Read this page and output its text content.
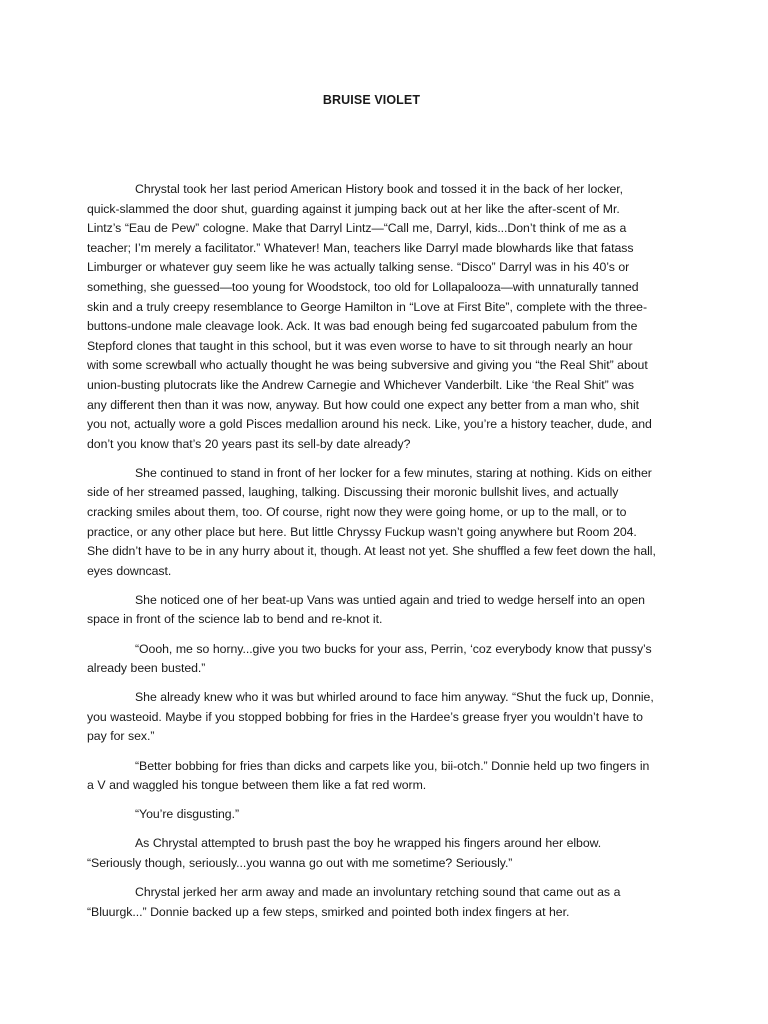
BRUISE VIOLET

Chrystal took her last period American History book and tossed it in the back of her locker, quick-slammed the door shut, guarding against it jumping back out at her like the after-scent of Mr. Lintz’s “Eau de Pew” cologne. Make that Darryl Lintz—“Call me, Darryl, kids...Don’t think of me as a teacher; I’m merely a facilitator.” Whatever! Man, teachers like Darryl made blowhards like that fatass Limburger or whatever guy seem like he was actually talking sense. “Disco” Darryl was in his 40’s or something, she guessed—too young for Woodstock, too old for Lollapalooza—with unnaturally tanned skin and a truly creepy resemblance to George Hamilton in “Love at First Bite”, complete with the three-buttons-undone male cleavage look. Ack. It was bad enough being fed sugarcoated pabulum from the Stepford clones that taught in this school, but it was even worse to have to sit through nearly an hour with some screwball who actually thought he was being subversive and giving you “the Real Shit” about union-busting plutocrats like the Andrew Carnegie and Whichever Vanderbilt. Like ‘the Real Shit” was any different then than it was now, anyway. But how could one expect any better from a man who, shit you not, actually wore a gold Pisces medallion around his neck. Like, you’re a history teacher, dude, and don’t you know that’s 20 years past its sell-by date already?

She continued to stand in front of her locker for a few minutes, staring at nothing. Kids on either side of her streamed passed, laughing, talking. Discussing their moronic bullshit lives, and actually cracking smiles about them, too. Of course, right now they were going home, or up to the mall, or to practice, or any other place but here. But little Chryssy Fuckup wasn’t going anywhere but Room 204. She didn’t have to be in any hurry about it, though. At least not yet. She shuffled a few feet down the hall, eyes downcast.

She noticed one of her beat-up Vans was untied again and tried to wedge herself into an open space in front of the science lab to bend and re-knot it.

“Oooh, me so horny...give you two bucks for your ass, Perrin, ‘coz everybody know that pussy’s already been busted.”

She already knew who it was but whirled around to face him anyway. “Shut the fuck up, Donnie, you wasteoid. Maybe if you stopped bobbing for fries in the Hardee’s grease fryer you wouldn’t have to pay for sex.”

“Better bobbing for fries than dicks and carpets like you, bii-otch.” Donnie held up two fingers in a V and waggled his tongue between them like a fat red worm.

“You’re disgusting.”

As Chrystal attempted to brush past the boy he wrapped his fingers around her elbow. “Seriously though, seriously...you wanna go out with me sometime? Seriously.”

Chrystal jerked her arm away and made an involuntary retching sound that came out as a “Bluurgk...” Donnie backed up a few steps, smirked and pointed both index fingers at her.
